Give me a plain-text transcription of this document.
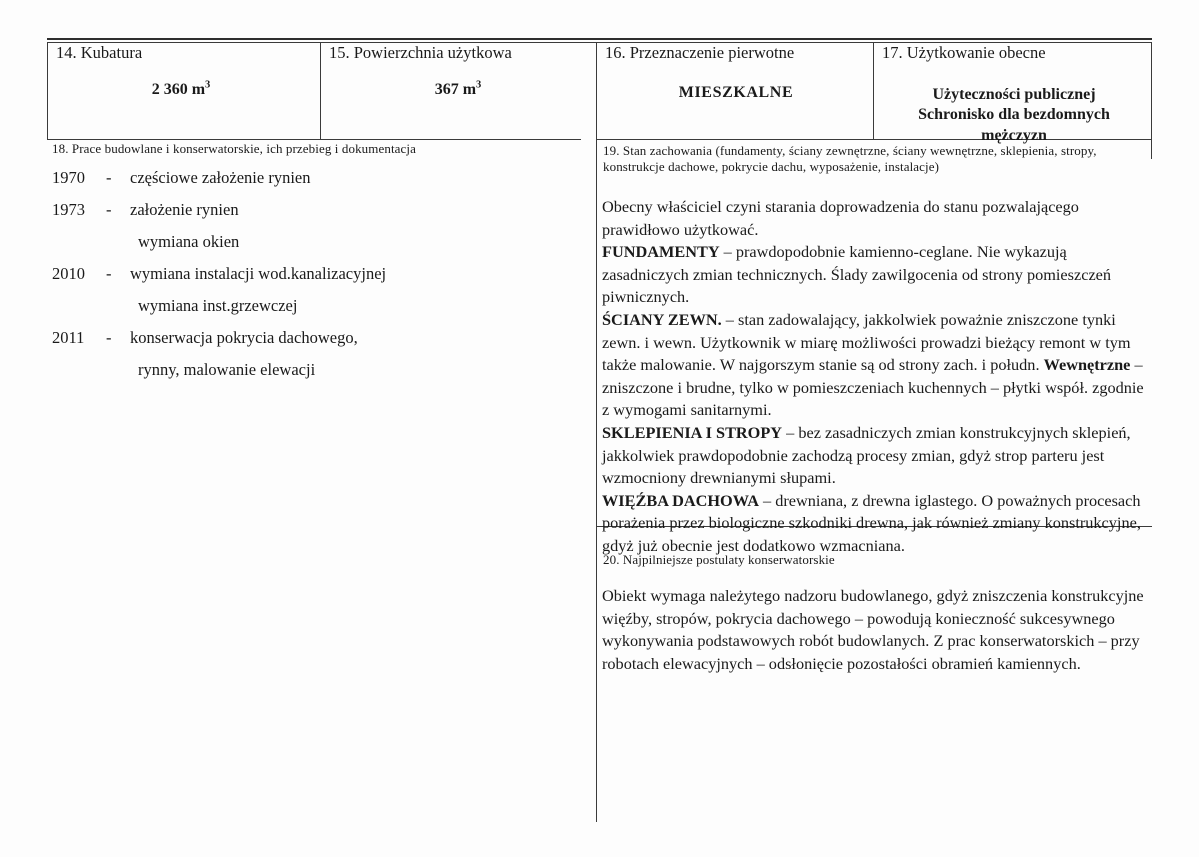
14. Kubatura
2 360 $m^3$
15. Powierzchnia użytkowa
367 $m^3$
16. Przeznaczenie pierwotne
MIESZKALNE
17. Użytkowanie obecne
Użyteczności publicznej
Schronisko dla bezdomnych
mężczyzn
18. Prace budowlane i konserwatorskie, ich przebieg i dokumentacja
1970	-	częściowe założenie rynien
1973	-	założenie rynien
wymiana okien
2010	-	wymiana instalacji wod.kanalizacyjnej
wymiana inst.grzewczej
2011	-	konserwacja pokrycia dachowego,
rynny, malowanie elewacji
19. Stan zachowania (fundamenty, ściany zewnętrzne, ściany wewnętrzne, sklepienia, stropy, konstrukcje dachowe, pokrycie dachu, wyposażenie, instalacje)

Obecny właściciel czyni starania doprowadzenia do stanu pozwalającego prawidłowo użytkować.

FUNDAMENTY – prawdopodobnie kamienno-ceglane. Nie wykazują zasadniczych zmian technicznych. Ślady zawilgocenia od strony pomieszczeń piwnicznych.

ŚCIANY ZEWN. – stan zadowalający, jakkolwiek poważnie zniszczone tynki zewn. i wewn. Użytkownik w miarę możliwości prowadzi bieżący remont w tym także malowanie. W najgorszym stanie są od strony zach. i połudn. Wewnętrzne – zniszczone i brudne, tylko w pomieszczeniach kuchennych – płytki współ. zgodnie z wymogami sanitarnymi.

SKLEPIENIA I STROPY – bez zasadniczych zmian konstrukcyjnych sklepień, jakkolwiek prawdopodobnie zachodzą procesy zmian, gdyż strop parteru jest wzmocniony drewnianymi słupami.

WIĘŹBA DACHOWA – drewniana, z drewna iglastego. O poważnych procesach porażenia przez biologiczne szkodniki drewna, jak również zmiany konstrukcyjne, gdyż już obecnie jest dodatkowo wzmacniana.

20. Najpilniejsze postulaty konserwatorskie

Obiekt wymaga należytego nadzoru budowlanego, gdyż zniszczenia konstrukcyjne więźby, stropów, pokrycia dachowego – powodują konieczność sukcesywnego wykonywania podstawowych robót budowlanych. Z prac konserwatorskich – przy robotach elewacyjnych – odsłonięcie pozostałości obramień kamiennych.
